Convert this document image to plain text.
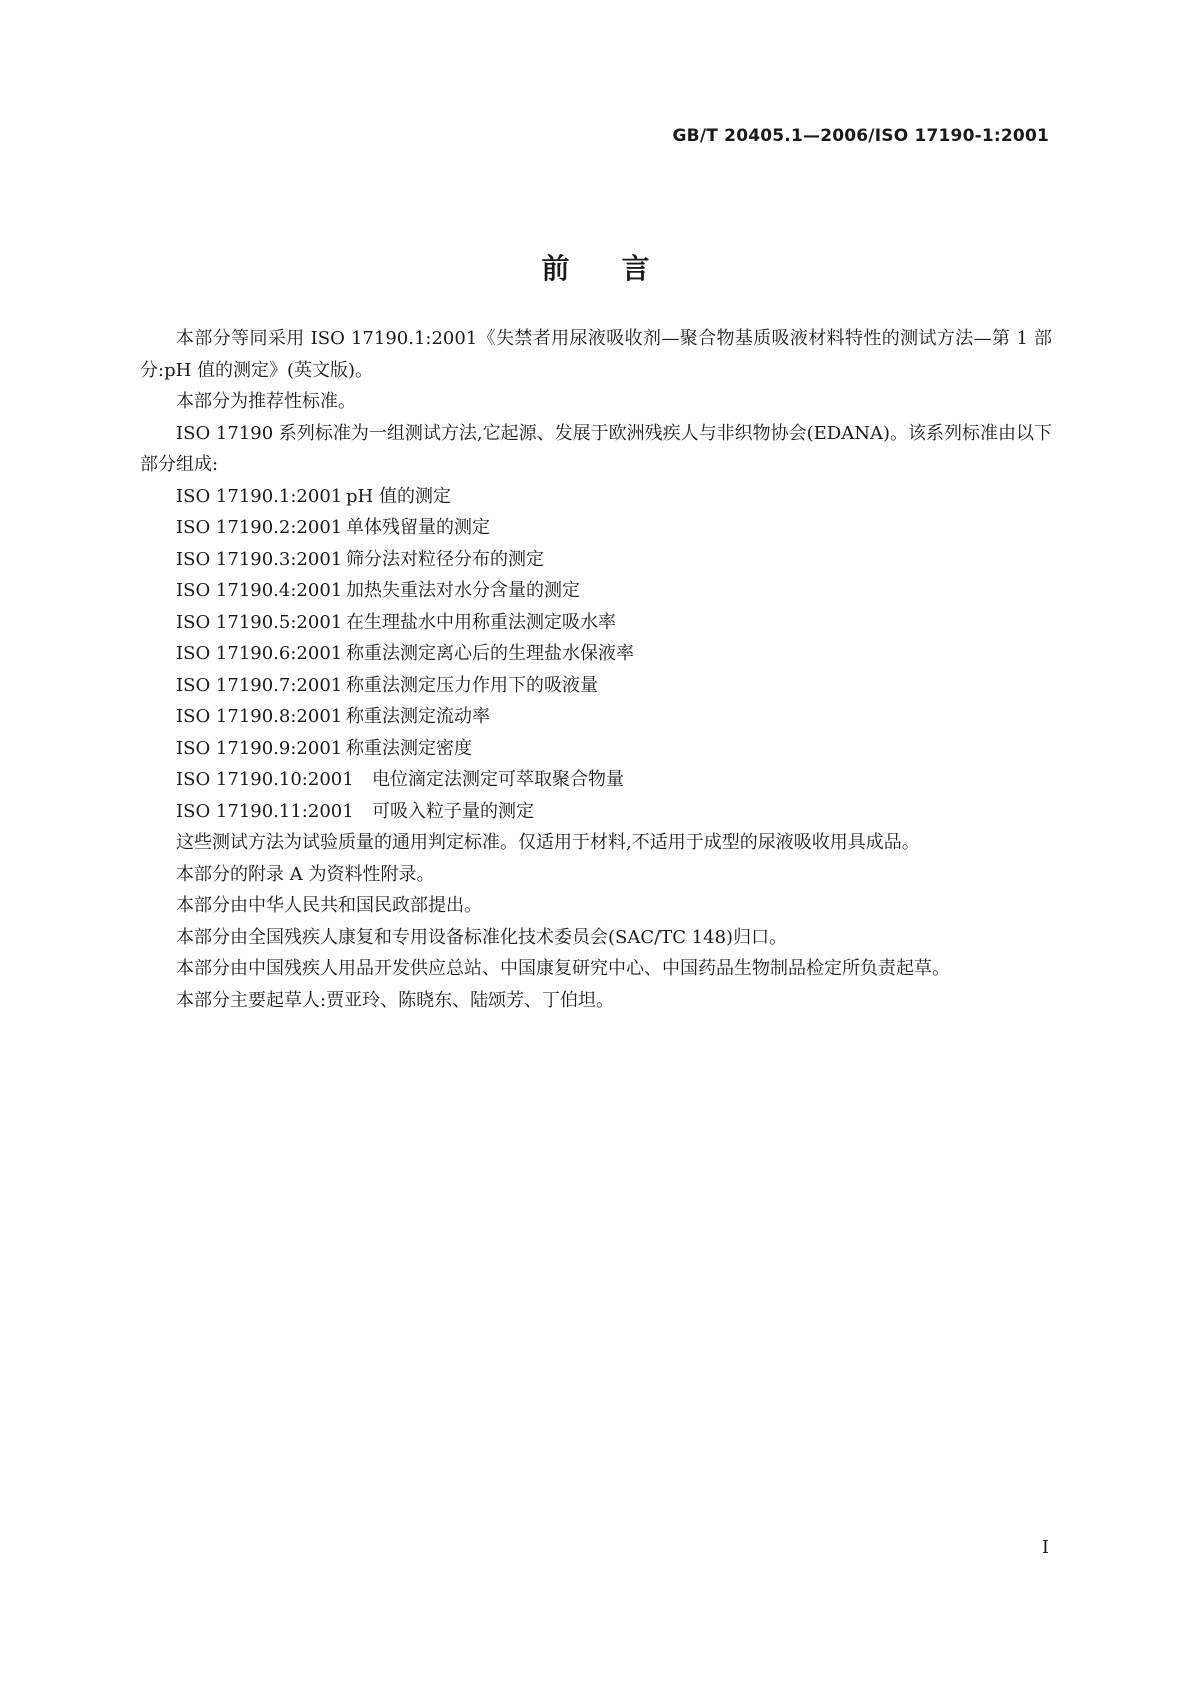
GB/T 20405.1—2006/ISO 17190-1:2001
前言

本部分等同采用 ISO 17190.1:2001《失禁者用尿液吸收剂—聚合物基质吸液材料特性的测试方法—第 1 部分:pH 值的测定》(英文版)。

本部分为推荐性标准。

ISO 17190 系列标准为一组测试方法,它起源、发展于欧洲残疾人与非织物协会(EDANA)。该系列标准由以下部分组成:

ISO 17190.1:2001 pH 值的测定
ISO 17190.2:2001 单体残留量的测定
ISO 17190.3:2001 筛分法对粒径分布的测定
ISO 17190.4:2001 加热失重法对水分含量的测定
ISO 17190.5:2001 在生理盐水中用称重法测定吸水率
ISO 17190.6:2001 称重法测定离心后的生理盐水保液率
ISO 17190.7:2001 称重法测定压力作用下的吸液量
ISO 17190.8:2001 称重法测定流动率
ISO 17190.9:2001 称重法测定密度
ISO 17190.10:2001 电位滴定法测定可萃取聚合物量
ISO 17190.11:2001 可吸入粒子量的测定

这些测试方法为试验质量的通用判定标准。仅适用于材料,不适用于成型的尿液吸收用具成品。

本部分的附录 A 为资料性附录。

本部分由中华人民共和国民政部提出。

本部分由全国残疾人康复和专用设备标准化技术委员会(SAC/TC 148)归口。

本部分由中国残疾人用品开发供应总站、中国康复研究中心、中国药品生物制品检定所负责起草。

本部分主要起草人:贾亚玲、陈晓东、陆颂芳、丁伯坦。

I
